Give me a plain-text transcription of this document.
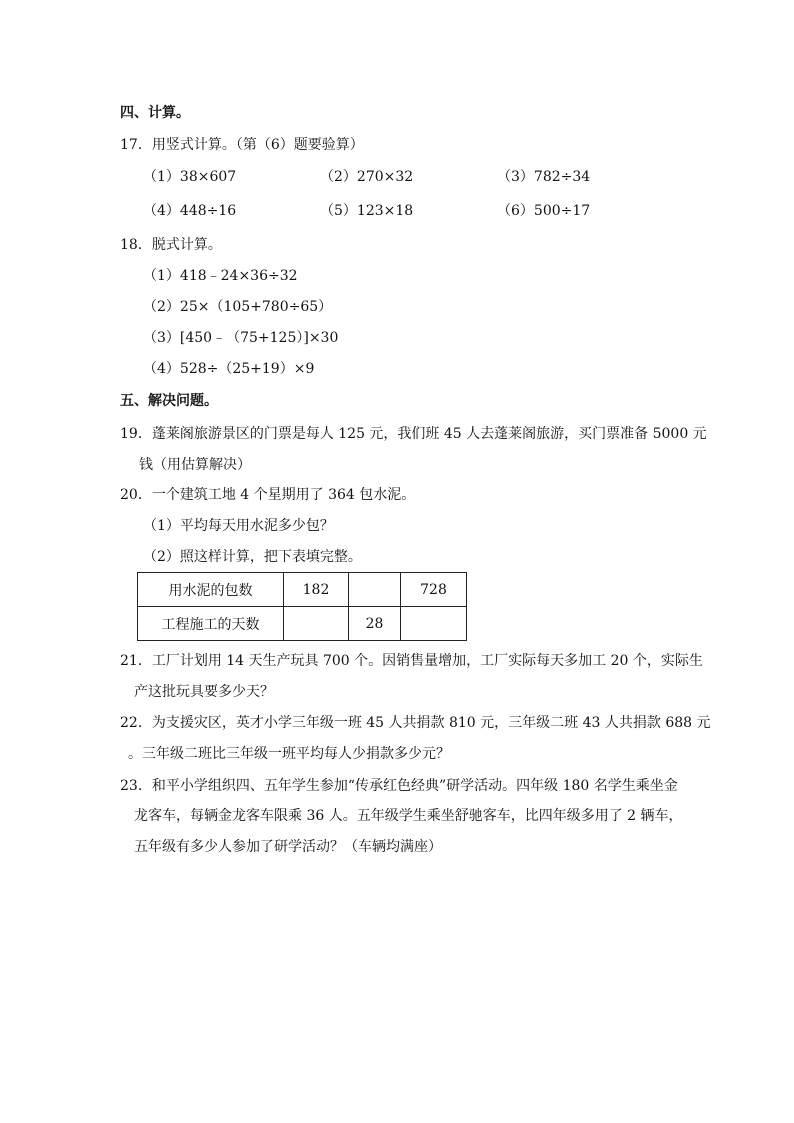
四、计算。
17．用竖式计算。（第（6）题要验算）
（1）38×607	（2）270×32	（3）782÷34
（4）448÷16	（5）123×18	（6）500÷17
18．脱式计算。
（1）418﹣24×36÷32
（2）25×（105+780÷65）
（3）[450﹣（75+125）]×30
（4）528÷（25+19）×9
五、解决问题。
19．蓬莱阁旅游景区的门票是每人 125 元，我们班 45 人去蓬莱阁旅游，买门票准备 5000 元
钱（用估算解决）
20．一个建筑工地 4 个星期用了 364 包水泥。
（1）平均每天用水泥多少包？
（2）照这样计算，把下表填完整。
用水泥的包数	182		728
工程施工的天数		28	
21．工厂计划用 14 天生产玩具 700 个。因销售量增加，工厂实际每天多加工 20 个，实际生
产这批玩具要多少天？
22．为支援灾区，英才小学三年级一班 45 人共捐款 810 元，三年级二班 43 人共捐款 688 元
。三年级二班比三年级一班平均每人少捐款多少元？
23．和平小学组织四、五年学生参加“传承红色经典”研学活动。四年级 180 名学生乘坐金
龙客车，每辆金龙客车限乘 36 人。五年级学生乘坐舒驰客车，比四年级多用了 2 辆车，
五年级有多少人参加了研学活动？（车辆均满座）
